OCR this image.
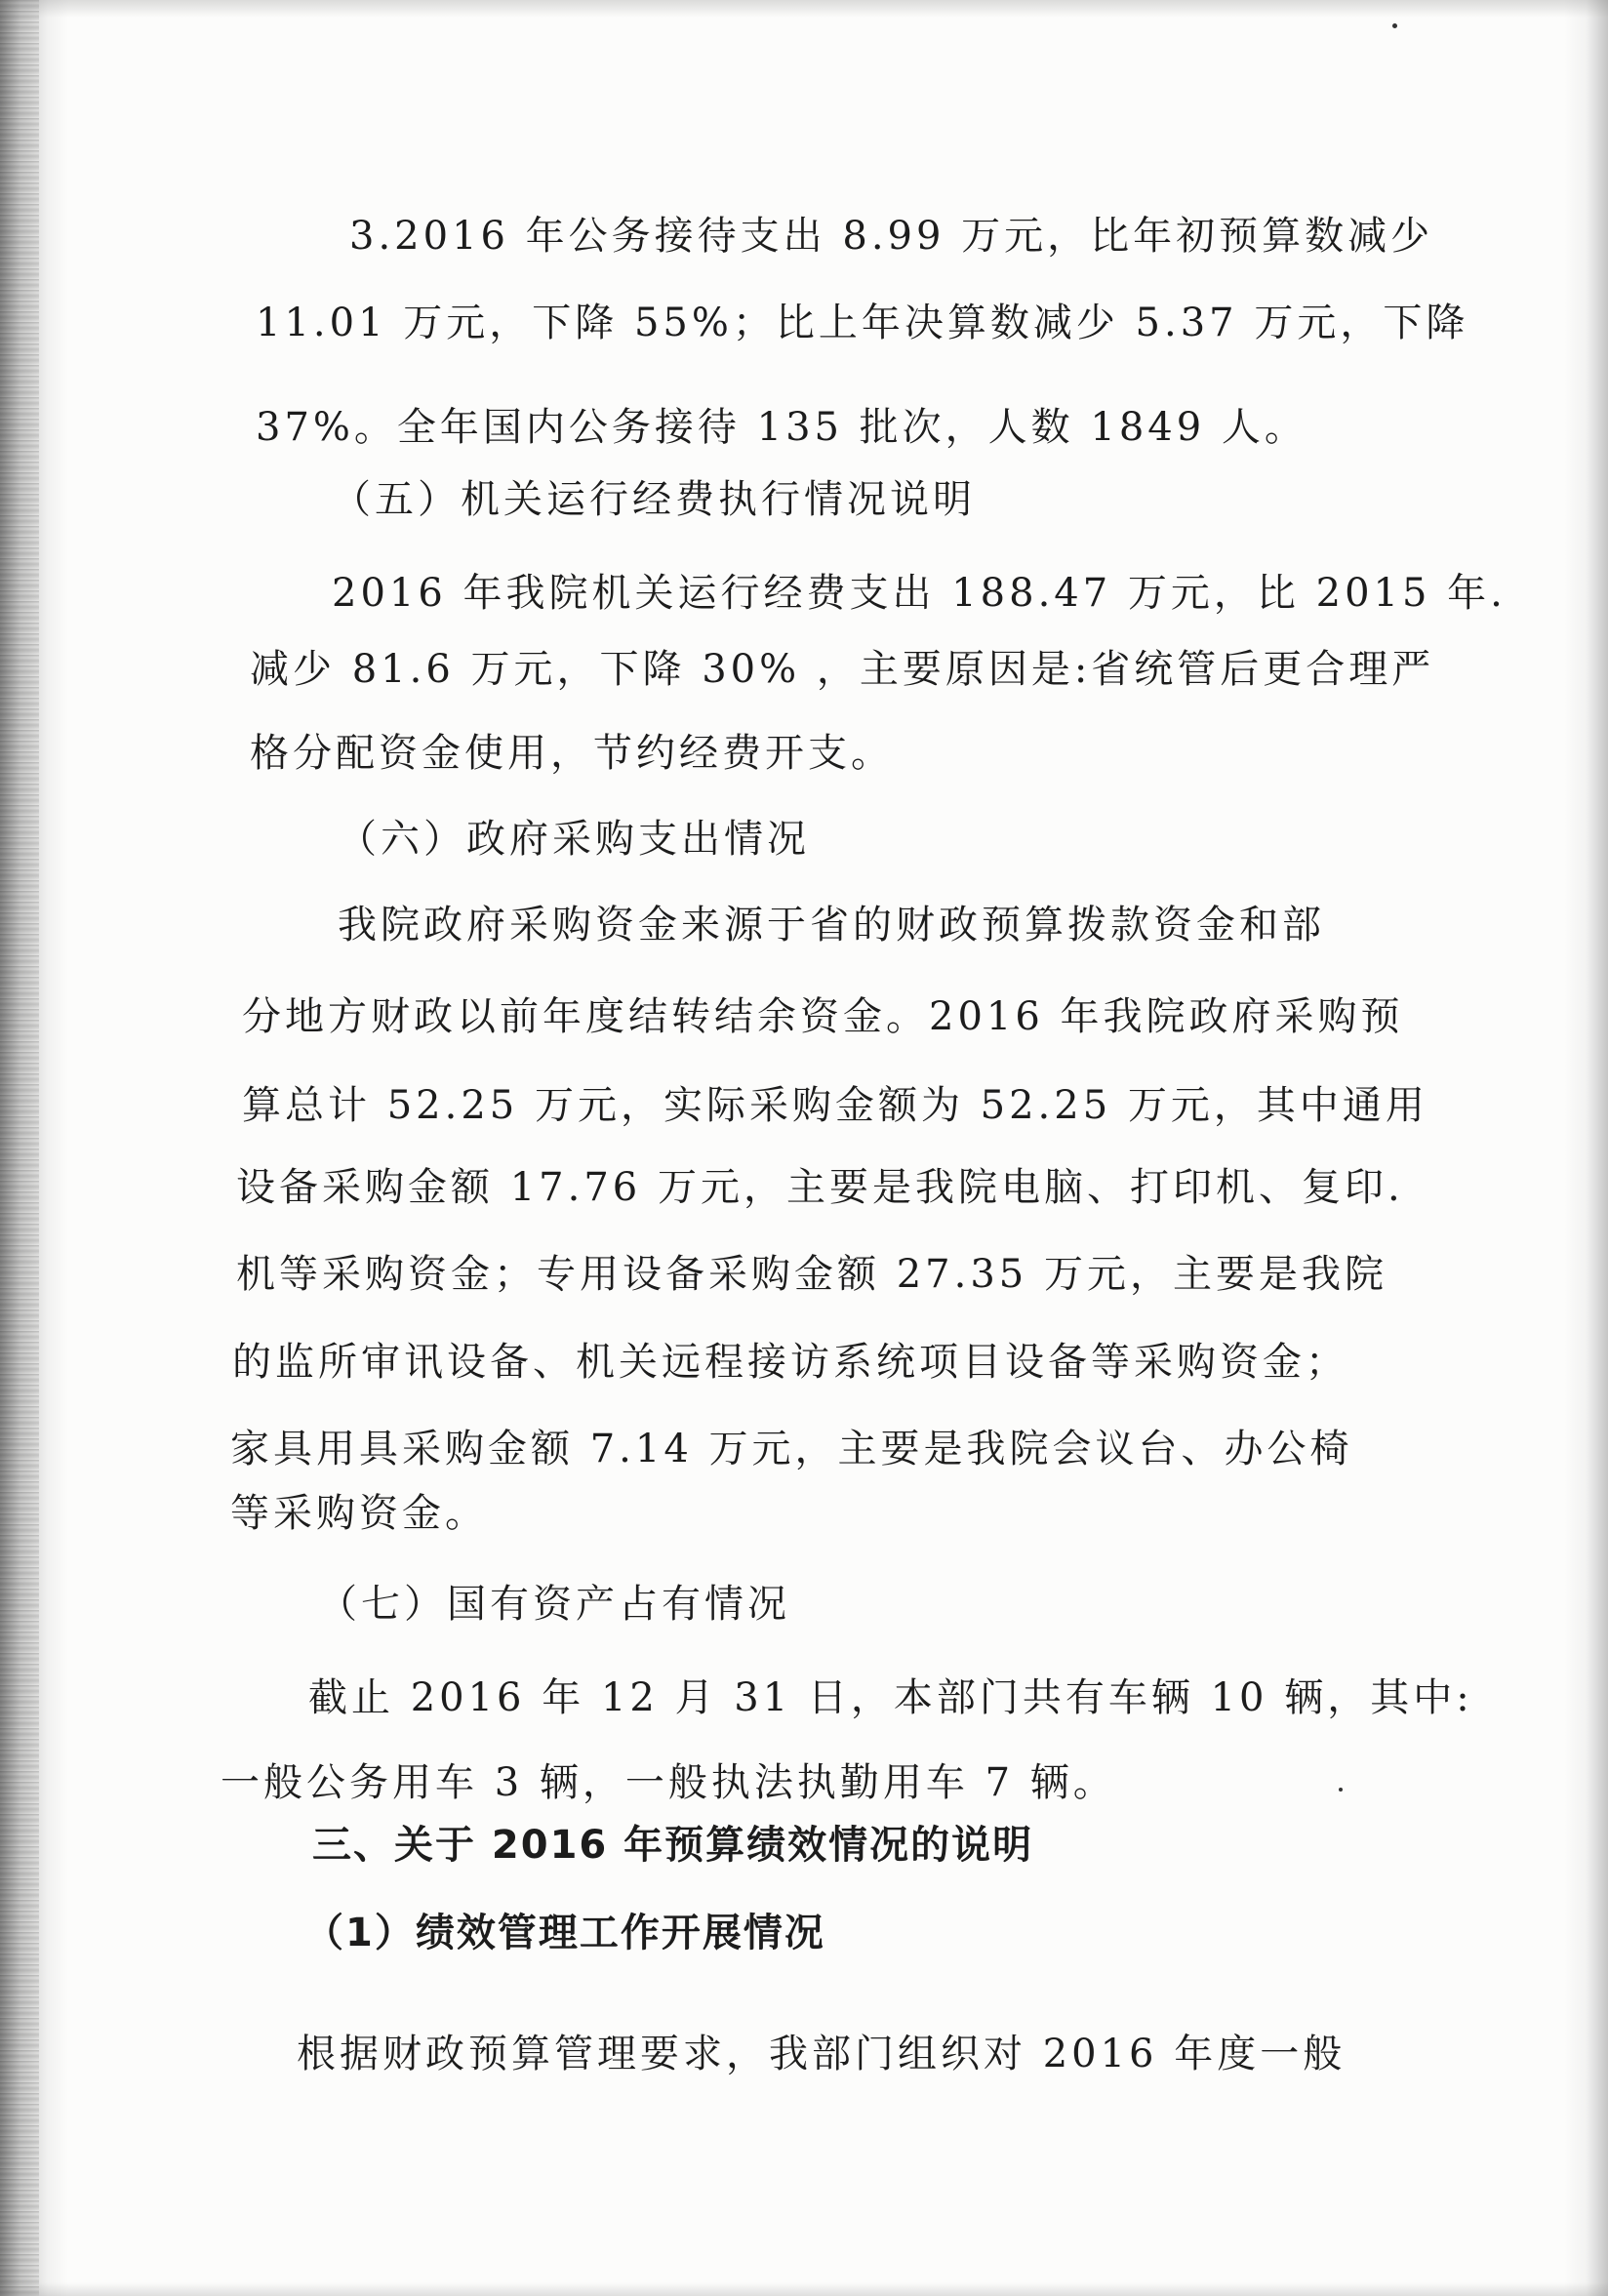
3.2016 年公务接待支出 8.99 万元，比年初预算数减少
11.01 万元，下降 55%；比上年决算数减少 5.37 万元，下降
37%。全年国内公务接待 135 批次，人数 1849 人。
（五）机关运行经费执行情况说明
2016 年我院机关运行经费支出 188.47 万元，比 2015 年.
减少 81.6 万元，下降 30% ，主要原因是:省统管后更合理严
格分配资金使用，节约经费开支。
（六）政府采购支出情况
我院政府采购资金来源于省的财政预算拨款资金和部
分地方财政以前年度结转结余资金。2016 年我院政府采购预
算总计 52.25 万元，实际采购金额为 52.25 万元，其中通用
设备采购金额 17.76 万元，主要是我院电脑、打印机、复印.
机等采购资金；专用设备采购金额 27.35 万元，主要是我院
的监所审讯设备、机关远程接访系统项目设备等采购资金；
家具用具采购金额 7.14 万元，主要是我院会议台、办公椅
等采购资金。
（七）国有资产占有情况
截止 2016 年 12 月 31 日，本部门共有车辆 10 辆，其中:
一般公务用车 3 辆，一般执法执勤用车 7 辆。
三、关于 2016 年预算绩效情况的说明
（1）绩效管理工作开展情况
根据财政预算管理要求，我部门组织对 2016 年度一般
